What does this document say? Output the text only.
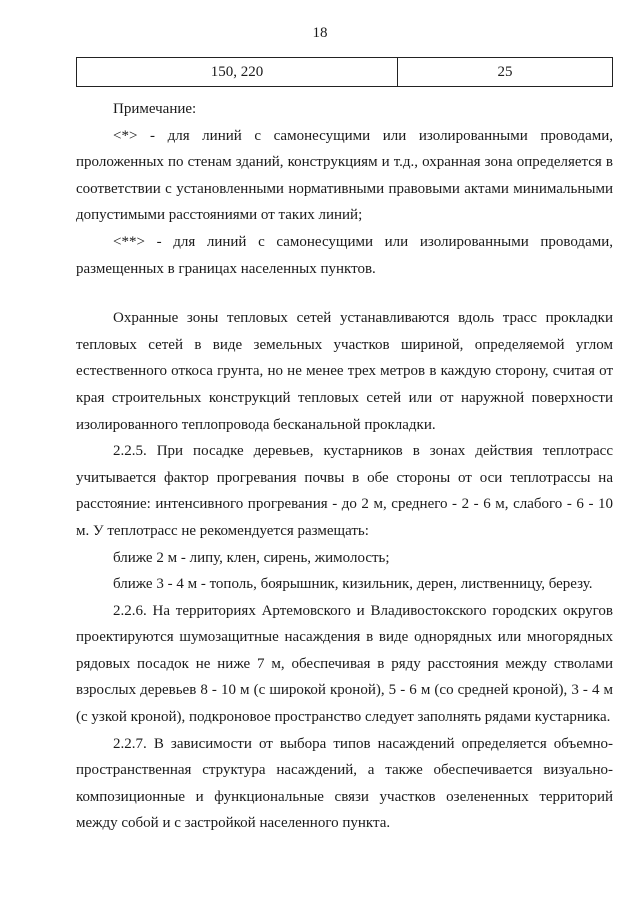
18
150, 220	25

Примечание:

<*> - для линий с самонесущими или изолированными проводами, проложенных по стенам зданий, конструкциям и т.д., охранная зона определяется в соответствии с установленными нормативными правовыми актами минимальными допустимыми расстояниями от таких линий;

<**> - для линий с самонесущими или изолированными проводами, размещенных в границах населенных пунктов.

Охранные зоны тепловых сетей устанавливаются вдоль трасс прокладки тепловых сетей в виде земельных участков шириной, определяемой углом естественного откоса грунта, но не менее трех метров в каждую сторону, считая от края строительных конструкций тепловых сетей или от наружной поверхности изолированного теплопровода бесканальной прокладки.

2.2.5. При посадке деревьев, кустарников в зонах действия теплотрасс учитывается фактор прогревания почвы в обе стороны от оси теплотрассы на расстояние: интенсивного прогревания - до 2 м, среднего - 2 - 6 м, слабого - 6 - 10 м. У теплотрасс не рекомендуется размещать:

ближе 2 м - липу, клен, сирень, жимолость;

ближе 3 - 4 м - тополь, боярышник, кизильник, дерен, лиственницу, березу.

2.2.6. На территориях Артемовского и Владивостокского городских округов проектируются шумозащитные насаждения в виде однорядных или многорядных рядовых посадок не ниже 7 м, обеспечивая в ряду расстояния между стволами взрослых деревьев 8 - 10 м (с широкой кроной), 5 - 6 м (со средней кроной), 3 - 4 м (с узкой кроной), подкроновое пространство следует заполнять рядами кустарника.

2.2.7. В зависимости от выбора типов насаждений определяется объемно-пространственная структура насаждений, а также обеспечивается визуально-композиционные и функциональные связи участков озелененных территорий между собой и с застройкой населенного пункта.
